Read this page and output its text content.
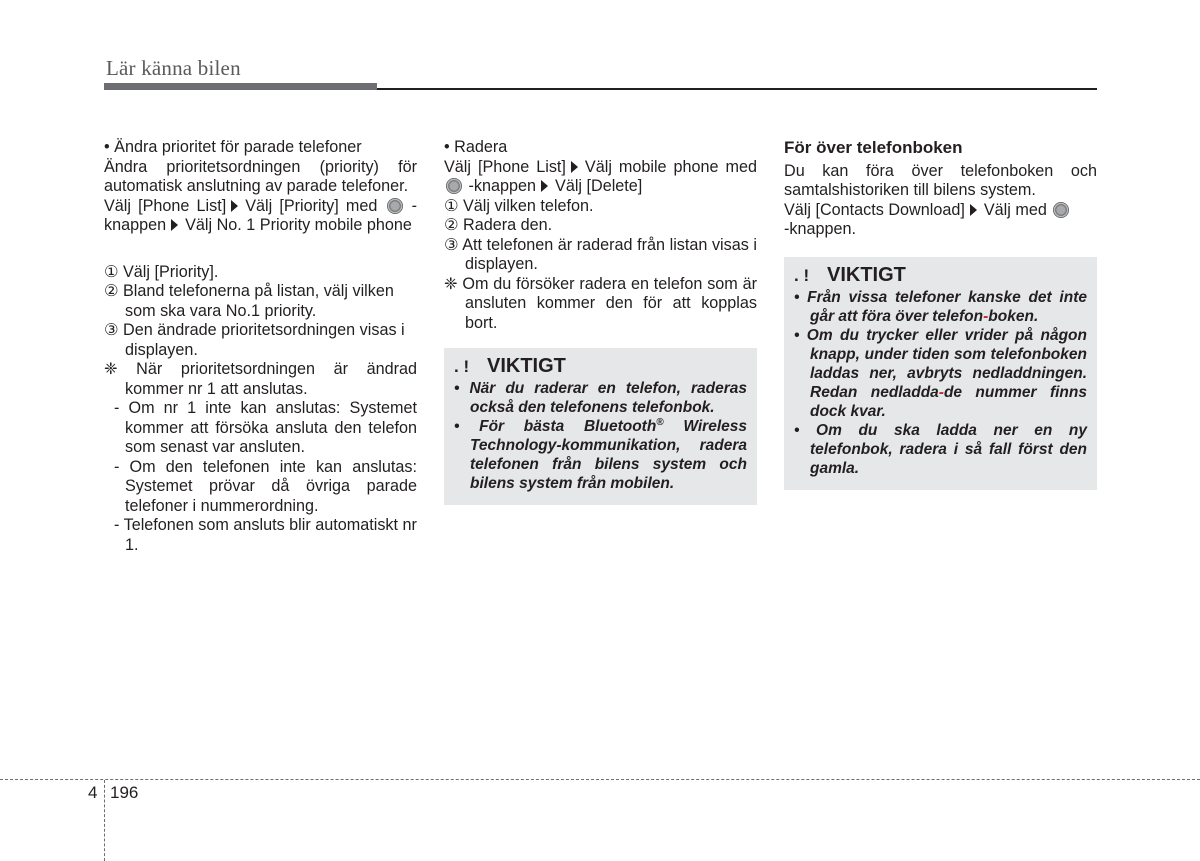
Lär känna bilen

• Ändra prioritet för parade telefoner

Ändra prioritetsordningen (priority) för automatisk anslutning av parade telefoner.

Välj [Phone List] Välj [Priority] med -knappen Välj No. 1 Priority mobile phone

① Välj [Priority].

② Bland telefonerna på listan, välj vilken som ska vara No.1 priority.

③ Den ändrade prioritetsordningen visas i displayen.

❈ När prioritetsordningen är ändrad kommer nr 1 att anslutas.

- Om nr 1 inte kan anslutas: Systemet kommer att försöka ansluta den telefon som senast var ansluten.

- Om den telefonen inte kan anslutas: Systemet prövar då övriga parade telefoner i nummerordning.

- Telefonen som ansluts blir automatiskt nr 1.

• Radera

Välj [Phone List] Välj mobile phone med  -knappen Välj [Delete]

① Välj vilken telefon.

② Radera den.

③ Att telefonen är raderad från listan visas i displayen.

❈ Om du försöker radera en telefon som är ansluten kommer den för att kopplas bort.

. ! VIKTIGT

• När du raderar en telefon, raderas också den telefonens telefonbok.

• För bästa Bluetooth® Wireless Technology-kommunikation, radera telefonen från bilens system och bilens system från mobilen.

För över telefonboken

Du kan föra över telefonboken och samtalshistoriken till bilens system.

Välj [Contacts Download] Välj med
-knappen.

. ! VIKTIGT

• Från vissa telefoner kanske det inte går att föra över telefon-boken.

• Om du trycker eller vrider på någon knapp, under tiden som telefonboken laddas ner, avbryts nedladdningen. Redan nedladda-de nummer finns dock kvar.

• Om du ska ladda ner en ny telefonbok, radera i så fall först den gamla.

4 196
